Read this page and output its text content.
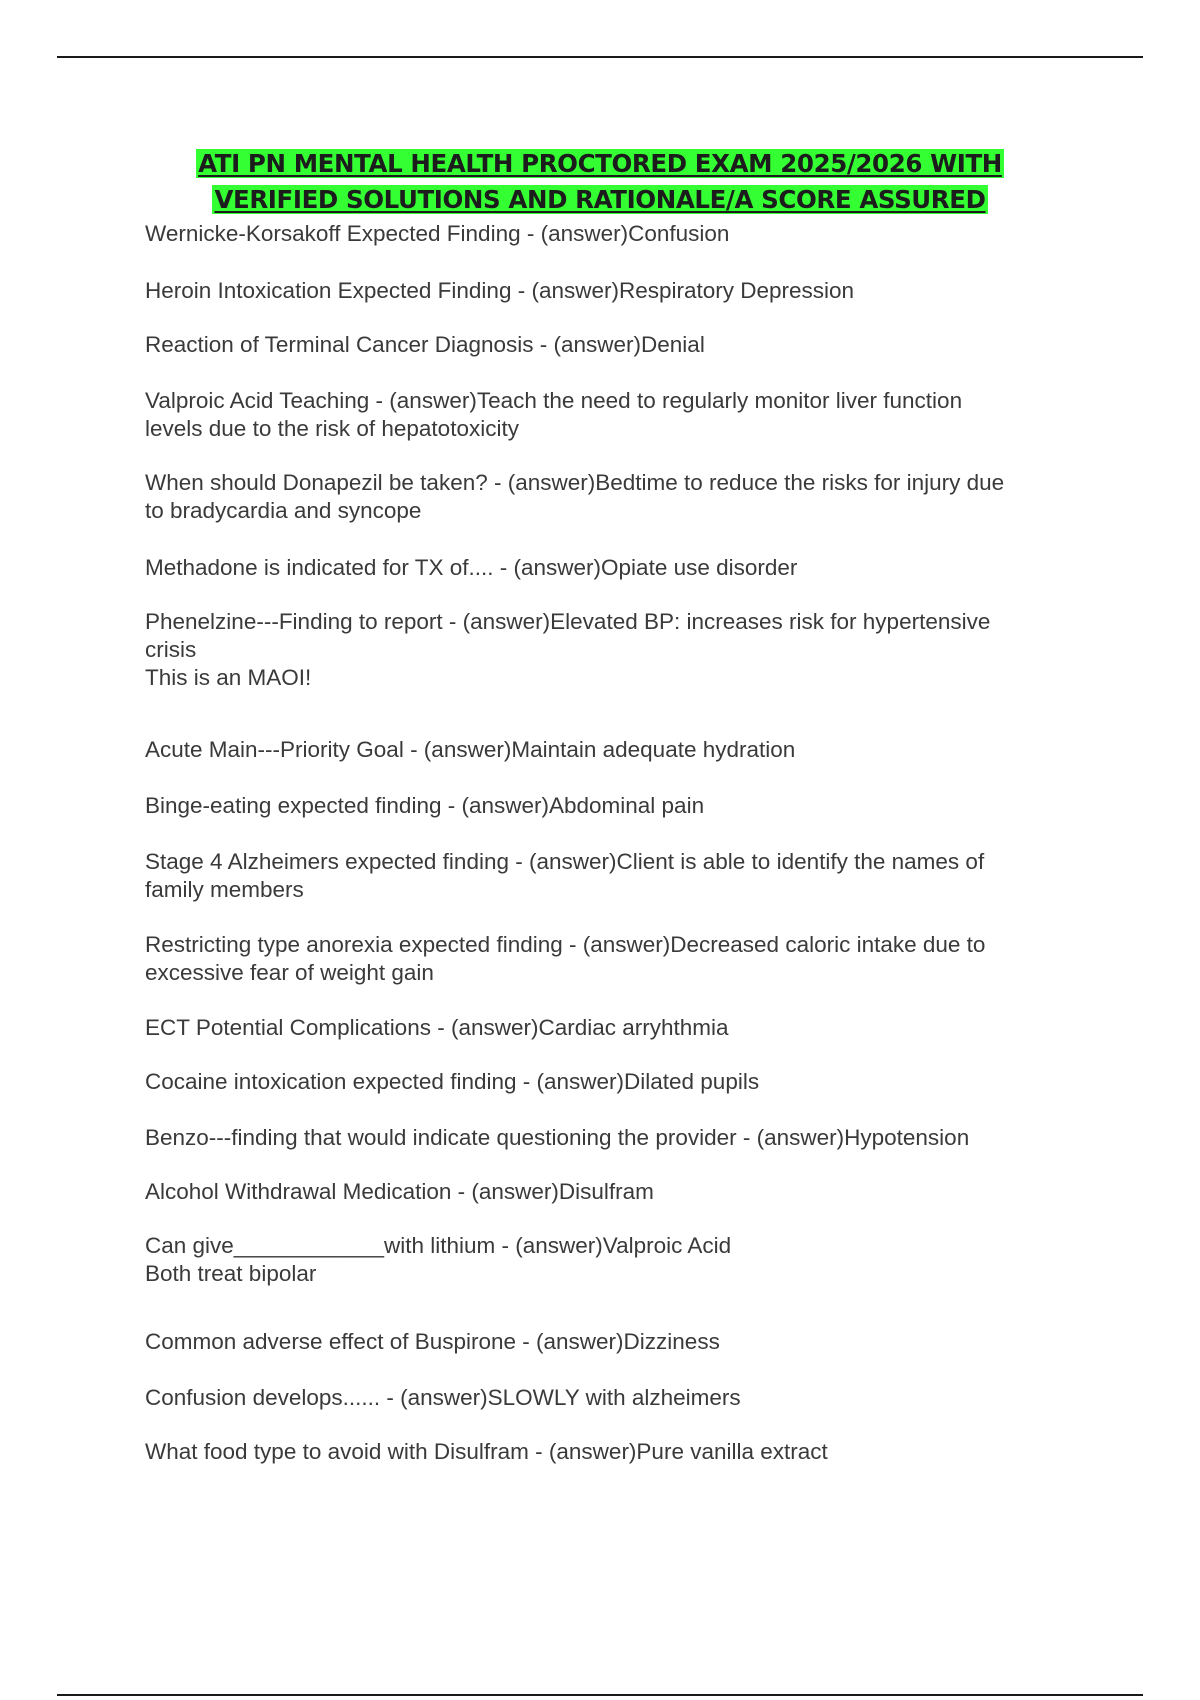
ATI PN MENTAL HEALTH PROCTORED EXAM 2025/2026 WITH
VERIFIED SOLUTIONS AND RATIONALE/A SCORE ASSURED
Wernicke-Korsakoff Expected Finding - (answer)Confusion
Heroin Intoxication Expected Finding - (answer)Respiratory Depression
Reaction of Terminal Cancer Diagnosis - (answer)Denial
Valproic Acid Teaching - (answer)Teach the need to regularly monitor liver function
levels due to the risk of hepatotoxicity
When should Donapezil be taken? - (answer)Bedtime to reduce the risks for injury due
to bradycardia and syncope
Methadone is indicated for TX of.... - (answer)Opiate use disorder
Phenelzine---Finding to report - (answer)Elevated BP: increases risk for hypertensive
crisis
This is an MAOI!
Acute Main---Priority Goal - (answer)Maintain adequate hydration
Binge-eating expected finding - (answer)Abdominal pain
Stage 4 Alzheimers expected finding - (answer)Client is able to identify the names of
family members
Restricting type anorexia expected finding - (answer)Decreased caloric intake due to
excessive fear of weight gain
ECT Potential Complications - (answer)Cardiac arryhthmia
Cocaine intoxication expected finding - (answer)Dilated pupils
Benzo---finding that would indicate questioning the provider - (answer)Hypotension
Alcohol Withdrawal Medication - (answer)Disulfram
Can give____________with lithium - (answer)Valproic Acid
Both treat bipolar
Common adverse effect of Buspirone - (answer)Dizziness
Confusion develops...... - (answer)SLOWLY with alzheimers
What food type to avoid with Disulfram - (answer)Pure vanilla extract
